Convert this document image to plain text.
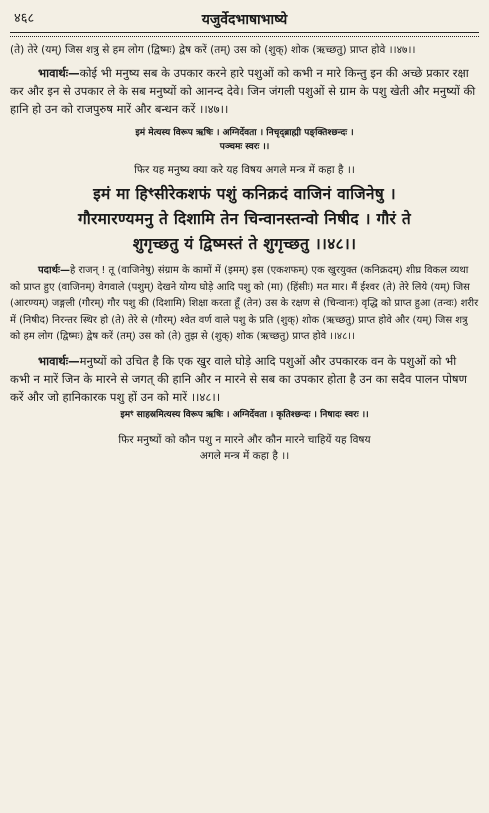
४६८	यजुर्वेदभाषाभाष्ये

(ते) तेरे (यम्) जिस शत्रु से हम लोग (द्विष्मः) द्वेष करें (तम्) उस को (शुक्) शोक (ऋच्छतु) प्राप्त होवे ।।४७।।

भावार्थः—कोई भी मनुष्य सब के उपकार करने हारे पशुओं को कभी न मारे किन्तु इन की अच्छे प्रकार रक्षा कर और इन से उपकार ले के सब मनुष्यों को आनन्द देवे। जिन जंगली पशुओं से ग्राम के पशु खेती और मनुष्यों की हानि हो उन को राजपुरुष मारें और बन्धन करें ।।४७।।

इमं मेत्यस्य विरूप ऋषिः । अग्निर्देवता । निचृद्ब्राह्मी पङ्क्तिश्छन्दः ।
पञ्चमः स्वरः ।।

फिर यह मनुष्य क्या करे यह विषय अगले मन्त्र में कहा है ।।

इमं मा हिꣳसीरेकशफं पशुं कनिक्रदं वाजिनं वाजिनेषु ।
गौरमारण्यमनु ते दिशामि तेन चिन्वानस्तन्वो निषीद । गौरं ते
शुगृच्छतु यं द्विष्मस्तं ते शुगृच्छतु ।।४८।।

पदार्थः—हे राजन् ! तू (वाजिनेषु) संग्राम के कामों में (इमम्) इस (एकशफम्) एक खुरयुक्त (कनिक्रदम्) शीघ्र विकल व्यथा को प्राप्त हुए (वाजिनम्) वेगवाले (पशुम्) देखने योग्य घोड़े आदि पशु को (मा) (हिंसीः) मत मार। मैं ईश्वर (ते) तेरे लिये (यम्) जिस (आरण्यम्) जङ्गली (गौरम्) गौर पशु की (दिशामि) शिक्षा करता हूँ (तेन) उस के रक्षण से (चिन्वानः) वृद्धि को प्राप्त हुआ (तन्वः) शरीर में (निषीद) निरन्तर स्थिर हो (ते) तेरे से (गौरम्) श्वेत वर्ण वाले पशु के प्रति (शुक्) शोक (ऋच्छतु) प्राप्त होवे और (यम्) जिस शत्रु को हम लोग (द्विष्मः) द्वेष करें (तम्) उस को (ते) तुझ से (शुक्) शोक (ऋच्छतु) प्राप्त होवे ।।४८।।

भावार्थः—मनुष्यों को उचित है कि एक खुर वाले घोड़े आदि पशुओं और उपकारक वन के पशुओं को भी कभी न मारें जिन के मारने से जगत् की हानि और न मारने से सब का उपकार होता है उन का सदैव पालन पोषण करें और जो हानिकारक पशु हों उन को मारें ।।४८।।

इमꣳ साहस्रमित्यस्य विरूप ऋषिः । अग्निर्देवता । कृतिश्छन्दः । निषादः स्वरः ।।
फिर मनुष्यों को कौन पशु न मारने और कौन मारने चाहियें यह विषय
अगले मन्त्र में कहा है ।।
